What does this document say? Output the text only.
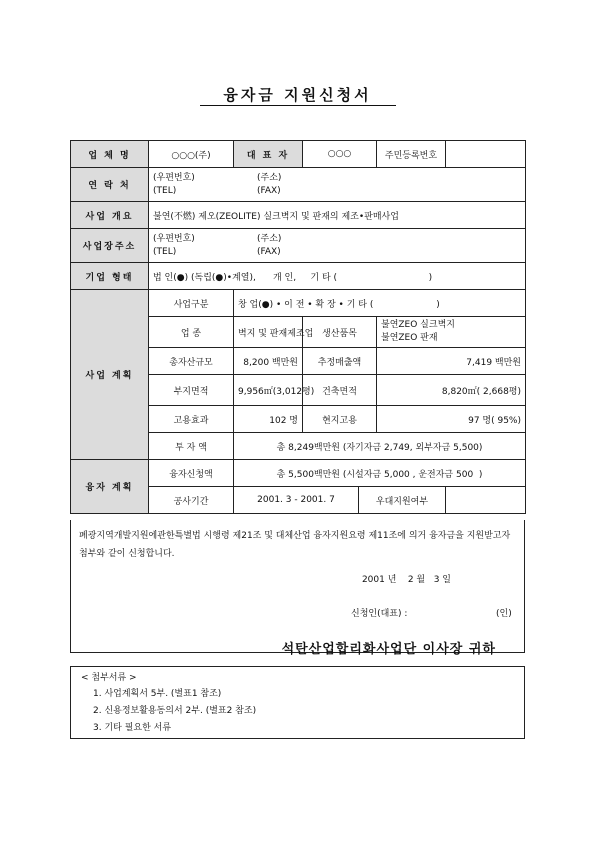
융자금 지원신청서
업 체 명	○○○(주)	대 표 자	○○○		주민등록번호	
연 락 처	(우편번호) (주소)
(TEL) (FAX)					

사업 개요	불연(不燃) 제오(ZEOLITE) 실크벽지 및 판재의 제조•판매사업					
사업장주소	(우편번호) (주소)
(TEL) (FAX)					

기업 형태	법 인(●) (독립(●)•계열),      개 인,     기 타 (                                )					
사업 계획	사업구분	창 업(●) • 이 전 • 확 장 • 기 타 (                      )				
	업 종	벽지 및 판재제조업	생산품목		불연ZEO 실크벽지
불연ZEO 판재	

	총자산규모	8,200 백만원	추정매출액		7,419 백만원	
	부지면적	9,956㎡(3,012평)	건축면적		8,820㎡( 2,668평)	
	고용효과	102 명	현지고용		97 명( 95%)	
	투 자 액	총 8,249백만원 (자기자금 2,749, 외부자금 5,500)				
융자 계획	융자신청액	총 5,500백만원 (시설자금 5,000 , 운전자금 500  )				
	공사기간	2001. 3 - 2001. 7		우대지원여부		
폐광지역개발지원에관한특별법 시행령 제21조 및 대체산업 융자지원요령 제11조에 의거 융자금을 지원받고자 첨부와 같이 신청합니다.
2001 년    2 월   3 일
신청인(대표) :	(인)
석탄산업합리화사업단 이사장 귀하
< 첨부서류 >
1. 사업계획서 5부. (별표1 참조)
2. 신용정보활용동의서 2부. (별표2 참조)
3. 기타 필요한 서류
